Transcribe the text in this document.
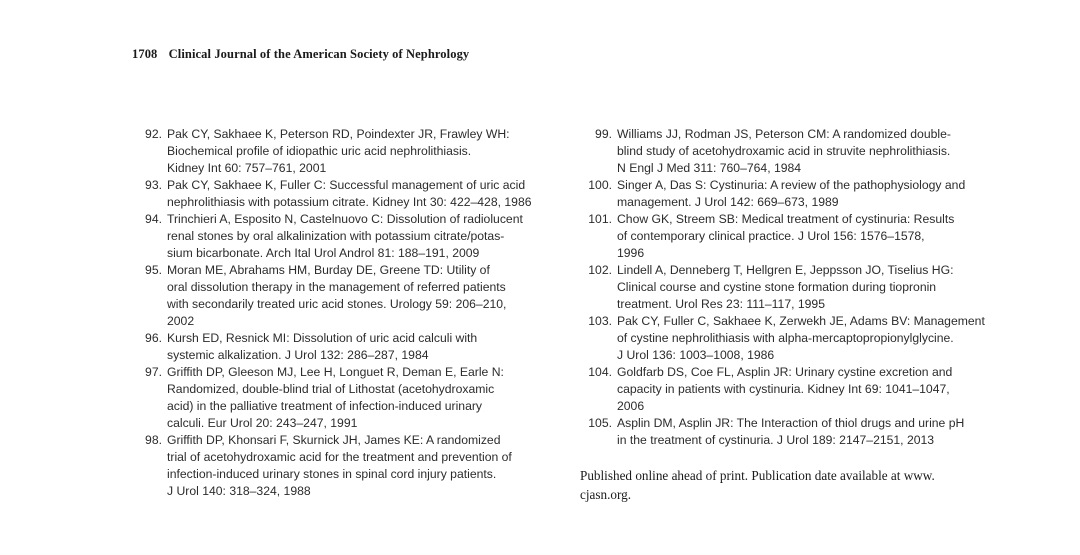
1708 Clinical Journal of the American Society of Nephrology
92. Pak CY, Sakhaee K, Peterson RD, Poindexter JR, Frawley WH:
Biochemical profile of idiopathic uric acid nephrolithiasis.
Kidney Int 60: 757–761, 2001
93. Pak CY, Sakhaee K, Fuller C: Successful management of uric acid
nephrolithiasis with potassium citrate. Kidney Int 30: 422–428, 1986
94. Trinchieri A, Esposito N, Castelnuovo C: Dissolution of radiolucent
renal stones by oral alkalinization with potassium citrate/potas-
sium bicarbonate. Arch Ital Urol Androl 81: 188–191, 2009
95. Moran ME, Abrahams HM, Burday DE, Greene TD: Utility of
oral dissolution therapy in the management of referred patients
with secondarily treated uric acid stones. Urology 59: 206–210,
2002
96. Kursh ED, Resnick MI: Dissolution of uric acid calculi with
systemic alkalization. J Urol 132: 286–287, 1984
97. Griffith DP, Gleeson MJ, Lee H, Longuet R, Deman E, Earle N:
Randomized, double-blind trial of Lithostat (acetohydroxamic
acid) in the palliative treatment of infection-induced urinary
calculi. Eur Urol 20: 243–247, 1991
98. Griffith DP, Khonsari F, Skurnick JH, James KE: A randomized
trial of acetohydroxamic acid for the treatment and prevention of
infection-induced urinary stones in spinal cord injury patients.
J Urol 140: 318–324, 1988
99. Williams JJ, Rodman JS, Peterson CM: A randomized double-
blind study of acetohydroxamic acid in struvite nephrolithiasis.
N Engl J Med 311: 760–764, 1984
100. Singer A, Das S: Cystinuria: A review of the pathophysiology and
management. J Urol 142: 669–673, 1989
101. Chow GK, Streem SB: Medical treatment of cystinuria: Results
of contemporary clinical practice. J Urol 156: 1576–1578,
1996
102. Lindell A, Denneberg T, Hellgren E, Jeppsson JO, Tiselius HG:
Clinical course and cystine stone formation during tiopronin
treatment. Urol Res 23: 111–117, 1995
103. Pak CY, Fuller C, Sakhaee K, Zerwekh JE, Adams BV: Management
of cystine nephrolithiasis with alpha-mercaptopropionylglycine.
J Urol 136: 1003–1008, 1986
104. Goldfarb DS, Coe FL, Asplin JR: Urinary cystine excretion and
capacity in patients with cystinuria. Kidney Int 69: 1041–1047,
2006
105. Asplin DM, Asplin JR: The Interaction of thiol drugs and urine pH
in the treatment of cystinuria. J Urol 189: 2147–2151, 2013
Published online ahead of print. Publication date available at www.
cjasn.org.
